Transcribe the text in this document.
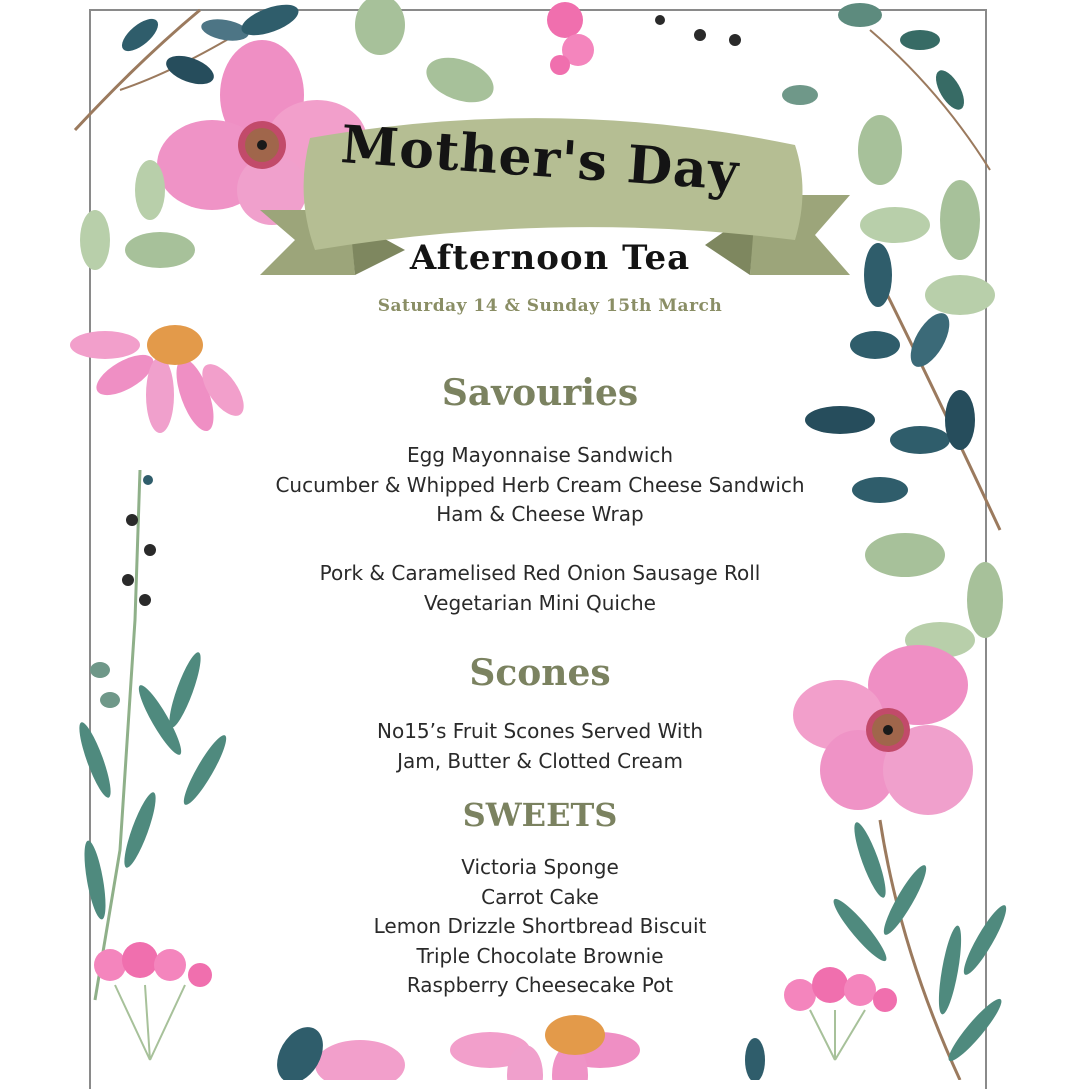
Mother's Day
Afternoon Tea
Saturday 14 & Sunday 15th March
Savouries
Egg Mayonnaise Sandwich
Cucumber & Whipped Herb Cream Cheese Sandwich
Ham & Cheese Wrap
Pork & Caramelised Red Onion Sausage Roll
Vegetarian Mini Quiche
Scones
No15’s Fruit Scones Served With
Jam, Butter & Clotted Cream
SWEETS
Victoria Sponge
Carrot Cake
Lemon Drizzle Shortbread Biscuit
Triple Chocolate Brownie
Raspberry Cheesecake Pot
